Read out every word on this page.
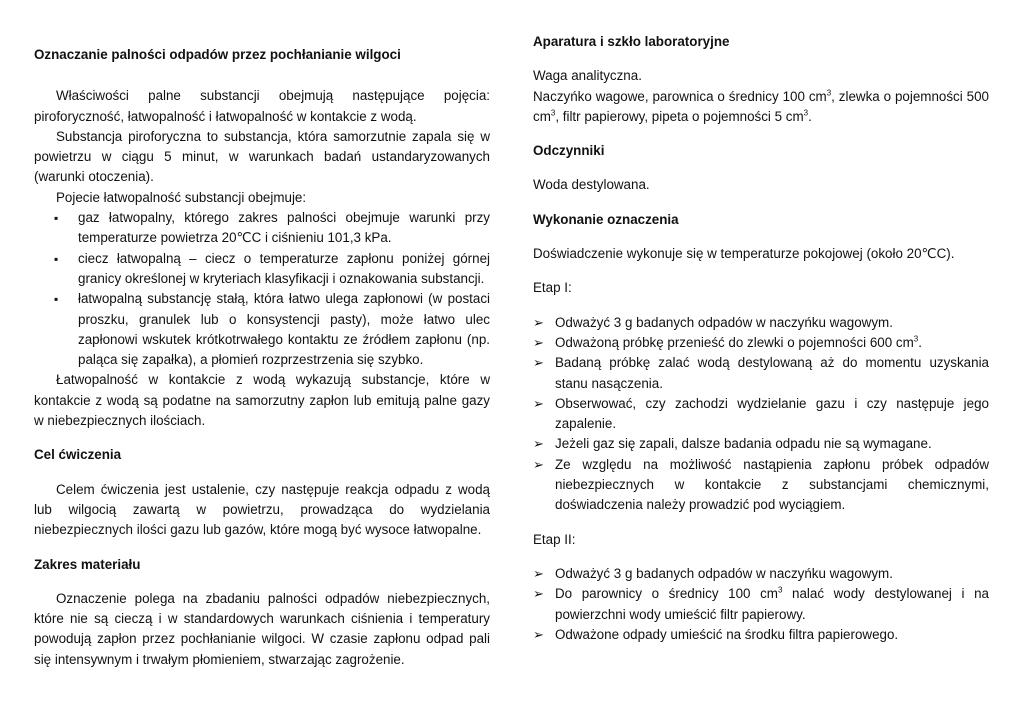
Oznaczanie palności odpadów przez pochłanianie wilgoci

Właściwości palne substancji obejmują następujące pojęcia: piroforyczność, łatwopalność i łatwopalność w kontakcie z wodą.

Substancja piroforyczna to substancja, która samorzutnie zapala się w powietrzu w ciągu 5 minut, w warunkach badań ustandaryzowanych (warunki otoczenia).

Pojecie łatwopalność substancji obejmuje:

▪ gaz łatwopalny, którego zakres palności obejmuje warunki przy temperaturze powietrza 20℃C i ciśnieniu 101,3 kPa.
▪ ciecz łatwopalną – ciecz o temperaturze zapłonu poniżej górnej granicy określonej w kryteriach klasyfikacji i oznakowania substancji.
▪ łatwopalną substancję stałą, która łatwo ulega zapłonowi (w postaci proszku, granulek lub o konsystencji pasty), może łatwo ulec zapłonowi wskutek krótkotrwałego kontaktu ze źródłem zapłonu (np. paląca się zapałka), a płomień rozprzestrzenia się szybko.

Łatwopalność w kontakcie z wodą wykazują substancje, które w kontakcie z wodą są podatne na samorzutny zapłon lub emitują palne gazy w niebezpiecznych ilościach.

Cel ćwiczenia

Celem ćwiczenia jest ustalenie, czy następuje reakcja odpadu z wodą lub wilgocią zawartą w powietrzu, prowadząca do wydzielania niebezpiecznych ilości gazu lub gazów, które mogą być wysoce łatwopalne.

Zakres materiału

Oznaczenie polega na zbadaniu palności odpadów niebezpiecznych, które nie są cieczą i w standardowych warunkach ciśnienia i temperatury powodują zapłon przez pochłanianie wilgoci. W czasie zapłonu odpad pali się intensywnym i trwałym płomieniem, stwarzając zagrożenie.

Aparatura i szkło laboratoryjne

Waga analityczna.

Naczyńko wagowe, parownica o średnicy 100 $cm^3$, zlewka o pojemności 500 $cm^3$, filtr papierowy, pipeta o pojemności 5 $cm^3$.

Odczynniki

Woda destylowana.

Wykonanie oznaczenia

Doświadczenie wykonuje się w temperaturze pokojowej (około 20℃C).

Etap I:

➢ Odważyć 3 g badanych odpadów w naczyńku wagowym.
➢ Odważoną próbkę przenieść do zlewki o pojemności 600 $cm^3$.
➢ Badaną próbkę zalać wodą destylowaną aż do momentu uzyskania stanu nasączenia.
➢ Obserwować, czy zachodzi wydzielanie gazu i czy następuje jego zapalenie.
➢ Jeżeli gaz się zapali, dalsze badania odpadu nie są wymagane.
➢ Ze względu na możliwość nastąpienia zapłonu próbek odpadów niebezpiecznych w kontakcie z substancjami chemicznymi, doświadczenia należy prowadzić pod wyciągiem.

Etap II:

➢ Odważyć 3 g badanych odpadów w naczyńku wagowym.
➢ Do parownicy o średnicy 100 $cm^3$ nalać wody destylowanej i na powierzchni wody umieścić filtr papierowy.
➢ Odważone odpady umieścić na środku filtra papierowego.
